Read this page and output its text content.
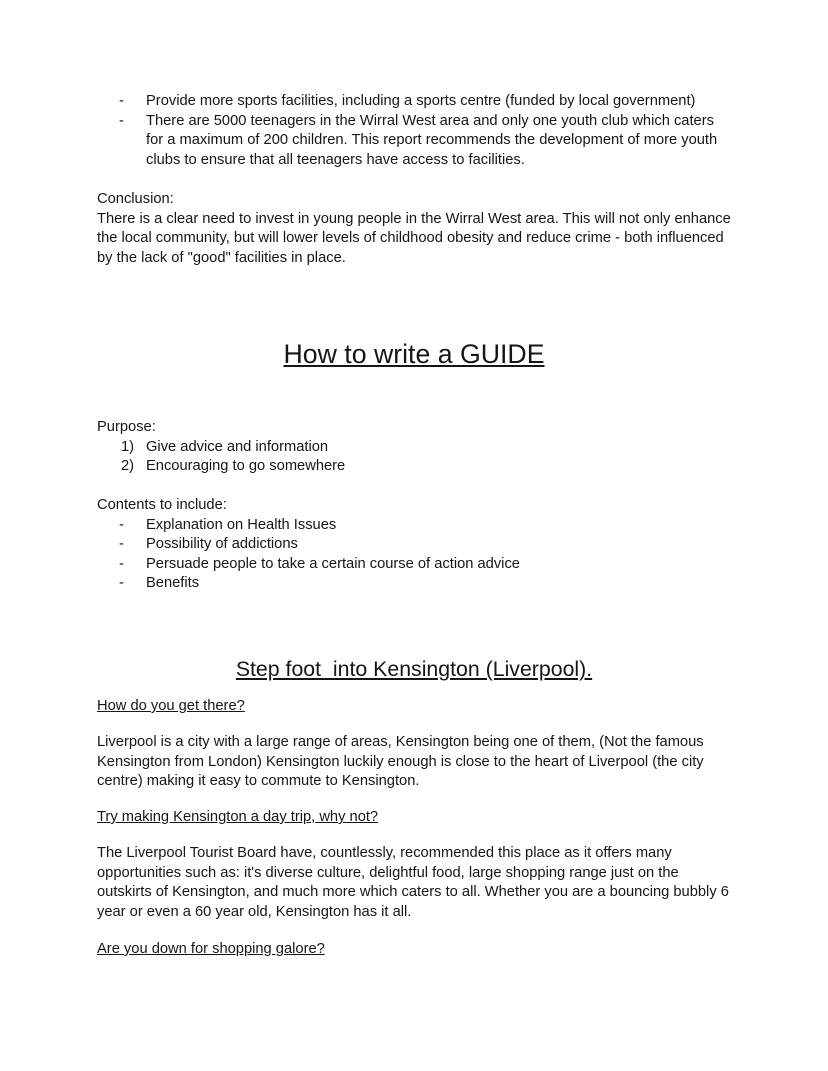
- Provide more sports facilities, including a sports centre (funded by local government)
- There are 5000 teenagers in the Wirral West area and only one youth club which caters for a maximum of 200 children. This report recommends the development of more youth clubs to ensure that all teenagers have access to facilities.

Conclusion:

There is a clear need to invest in young people in the Wirral West area. This will not only enhance the local community, but will lower levels of childhood obesity and reduce crime - both influenced by the lack of "good" facilities in place.

How to write a GUIDE

Purpose:

1) Give advice and information
2) Encouraging to go somewhere

Contents to include:

- Explanation on Health Issues
- Possibility of addictions
- Persuade people to take a certain course of action advice
- Benefits
Step foot  into Kensington (Liverpool).
How do you get there?

Liverpool is a city with a large range of areas, Kensington being one of them, (Not the famous Kensington from London) Kensington luckily enough is close to the heart of Liverpool (the city centre) making it easy to commute to Kensington.

Try making Kensington a day trip, why not?

The Liverpool Tourist Board have, countlessly, recommended this place as it offers many opportunities such as: it's diverse culture, delightful food, large shopping range just on the outskirts of Kensington, and much more which caters to all. Whether you are a bouncing bubbly 6 year or even a 60 year old, Kensington has it all.

Are you down for shopping galore?
